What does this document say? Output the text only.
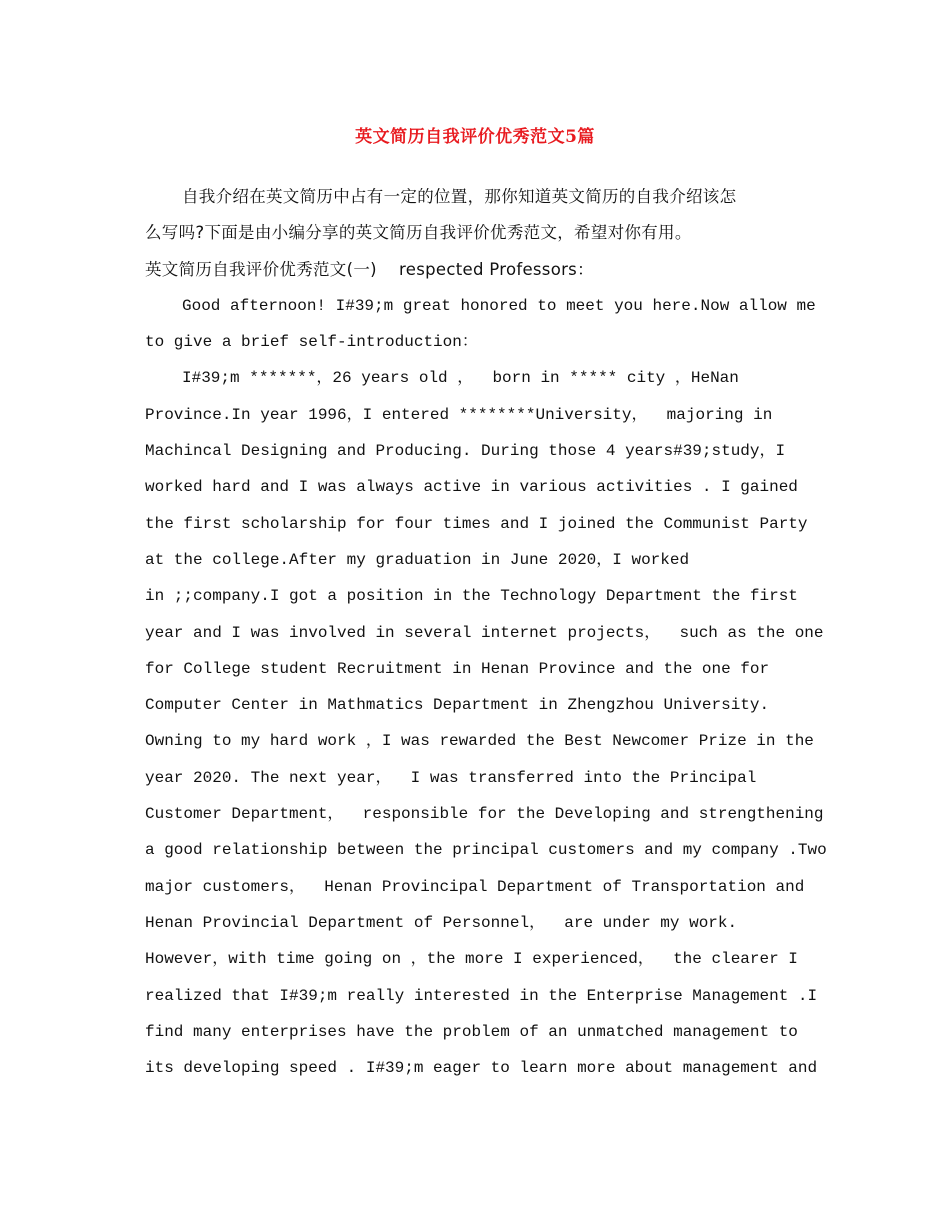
英文简历自我评价优秀范文5篇
自我介绍在英文简历中占有一定的位置，那你知道英文简历的自我介绍该怎
么写吗?下面是由小编分享的英文简历自我评价优秀范文，希望对你有用。
英文简历自我评价优秀范文(一)    respected Professors：
Good afternoon! I#39;m great honored to meet you here.Now allow me
to give a brief self-introduction：
I#39;m *******，26 years old ，  born in ***** city ，HeNan
Province.In year 1996，I entered ********University，  majoring in
Machincal Designing and Producing. During those 4 years#39;study，I
worked hard and I was always active in various activities . I gained
the first scholarship for four times and I joined the Communist Party
at the college.After my graduation in June 2020，I worked
in ;;company.I got a position in the Technology Department the first
year and I was involved in several internet projects，  such as the one
for College student Recruitment in Henan Province and the one for
Computer Center in Mathmatics Department in Zhengzhou University.
Owning to my hard work ，I was rewarded the Best Newcomer Prize in the
year 2020. The next year，  I was transferred into the Principal
Customer Department，  responsible for the Developing and strengthening
a good relationship between the principal customers and my company .Two
major customers，  Henan Provincipal Department of Transportation and
Henan Provincial Department of Personnel，  are under my work.
However，with time going on ，the more I experienced，  the clearer I
realized that I#39;m really interested in the Enterprise Management .I
find many enterprises have the problem of an unmatched management to
its developing speed . I#39;m eager to learn more about management and
